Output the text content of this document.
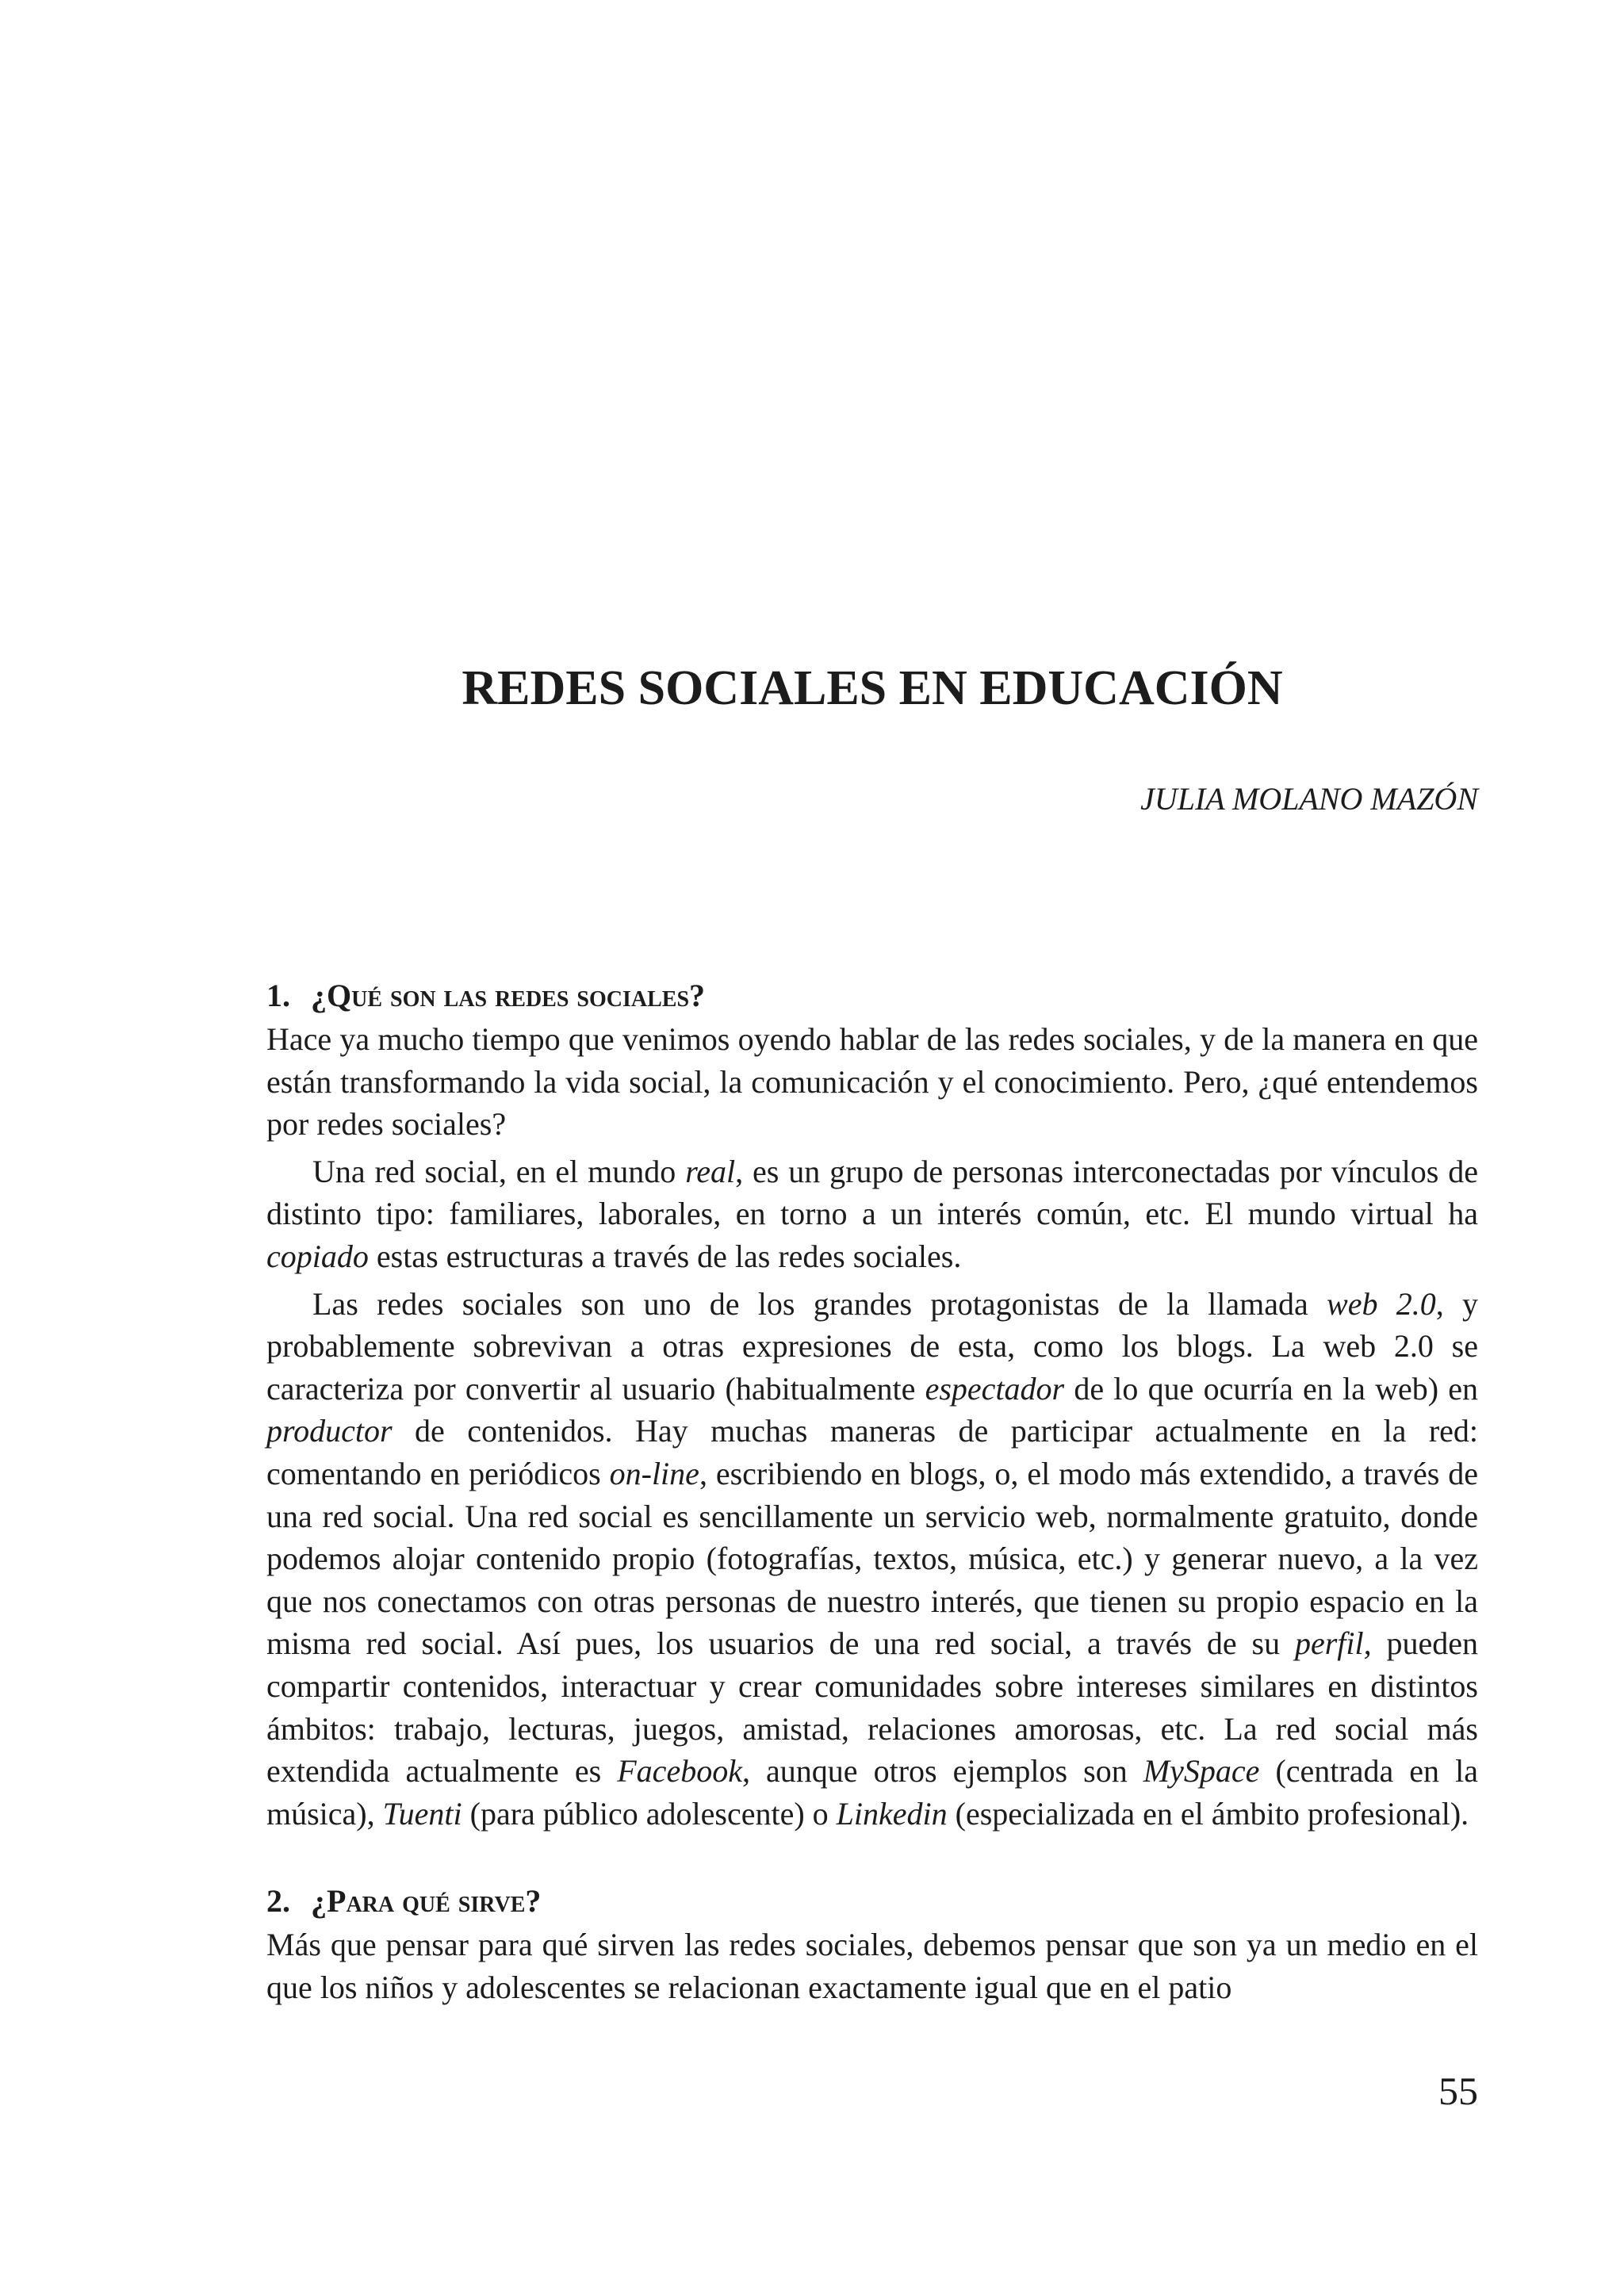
REDES SOCIALES EN EDUCACIÓN

JULIA MOLANO MAZÓN

1. ¿Qué son las redes sociales?

Hace ya mucho tiempo que venimos oyendo hablar de las redes sociales, y de la manera en que están transformando la vida social, la comunicación y el conocimiento. Pero, ¿qué entendemos por redes sociales?

Una red social, en el mundo real, es un grupo de personas interconectadas por vínculos de distinto tipo: familiares, laborales, en torno a un interés común, etc. El mundo virtual ha copiado estas estructuras a través de las redes sociales.

Las redes sociales son uno de los grandes protagonistas de la llamada web 2.0, y probablemente sobrevivan a otras expresiones de esta, como los blogs. La web 2.0 se caracteriza por convertir al usuario (habitualmente espectador de lo que ocurría en la web) en productor de contenidos. Hay muchas maneras de participar actualmente en la red: comentando en periódicos on-line, escribiendo en blogs, o, el modo más extendido, a través de una red social. Una red social es sencillamente un servicio web, normalmente gratuito, donde podemos alojar contenido propio (fotografías, textos, música, etc.) y generar nuevo, a la vez que nos conectamos con otras personas de nuestro interés, que tienen su propio espacio en la misma red social. Así pues, los usuarios de una red social, a través de su perfil, pueden compartir contenidos, interactuar y crear comunidades sobre intereses similares en distintos ámbitos: trabajo, lecturas, juegos, amistad, relaciones amorosas, etc. La red social más extendida actualmente es Facebook, aunque otros ejemplos son MySpace (centrada en la música), Tuenti (para público adolescente) o Linkedin (especializada en el ámbito profesional).

2. ¿Para qué sirve?

Más que pensar para qué sirven las redes sociales, debemos pensar que son ya un medio en el que los niños y adolescentes se relacionan exactamente igual que en el patio

55
